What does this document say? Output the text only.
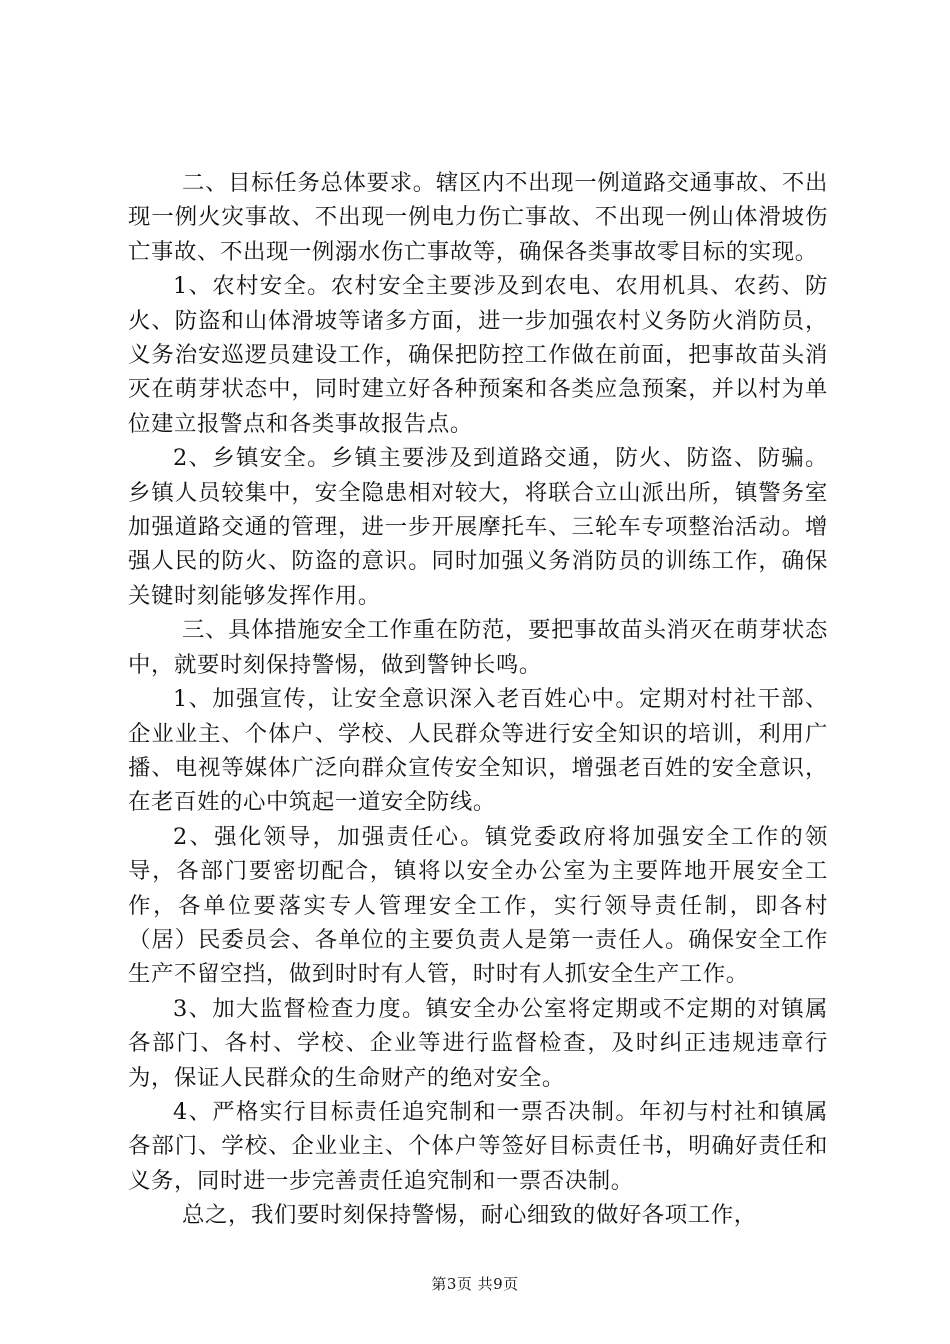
二、目标任务总体要求。辖区内不出现一例道路交通事故、不出现一例火灾事故、不出现一例电力伤亡事故、不出现一例山体滑坡伤亡事故、不出现一例溺水伤亡事故等，确保各类事故零目标的实现。

1、农村安全。农村安全主要涉及到农电、农用机具、农药、防火、防盗和山体滑坡等诸多方面，进一步加强农村义务防火消防员，义务治安巡逻员建设工作，确保把防控工作做在前面，把事故苗头消灭在萌芽状态中，同时建立好各种预案和各类应急预案，并以村为单位建立报警点和各类事故报告点。

2、乡镇安全。乡镇主要涉及到道路交通，防火、防盗、防骗。乡镇人员较集中，安全隐患相对较大，将联合立山派出所，镇警务室加强道路交通的管理，进一步开展摩托车、三轮车专项整治活动。增强人民的防火、防盗的意识。同时加强义务消防员的训练工作，确保关键时刻能够发挥作用。

三、具体措施安全工作重在防范，要把事故苗头消灭在萌芽状态中，就要时刻保持警惕，做到警钟长鸣。

1、加强宣传，让安全意识深入老百姓心中。定期对村社干部、企业业主、个体户、学校、人民群众等进行安全知识的培训，利用广播、电视等媒体广泛向群众宣传安全知识，增强老百姓的安全意识，在老百姓的心中筑起一道安全防线。

2、强化领导，加强责任心。镇党委政府将加强安全工作的领导，各部门要密切配合，镇将以安全办公室为主要阵地开展安全工作，各单位要落实专人管理安全工作，实行领导责任制，即各村（居）民委员会、各单位的主要负责人是第一责任人。确保安全工作生产不留空挡，做到时时有人管，时时有人抓安全生产工作。

3、加大监督检查力度。镇安全办公室将定期或不定期的对镇属各部门、各村、学校、企业等进行监督检查，及时纠正违规违章行为，保证人民群众的生命财产的绝对安全。

4、严格实行目标责任追究制和一票否决制。年初与村社和镇属各部门、学校、企业业主、个体户等签好目标责任书，明确好责任和义务，同时进一步完善责任追究制和一票否决制。

总之，我们要时刻保持警惕，耐心细致的做好各项工作，

第3页 共9页
